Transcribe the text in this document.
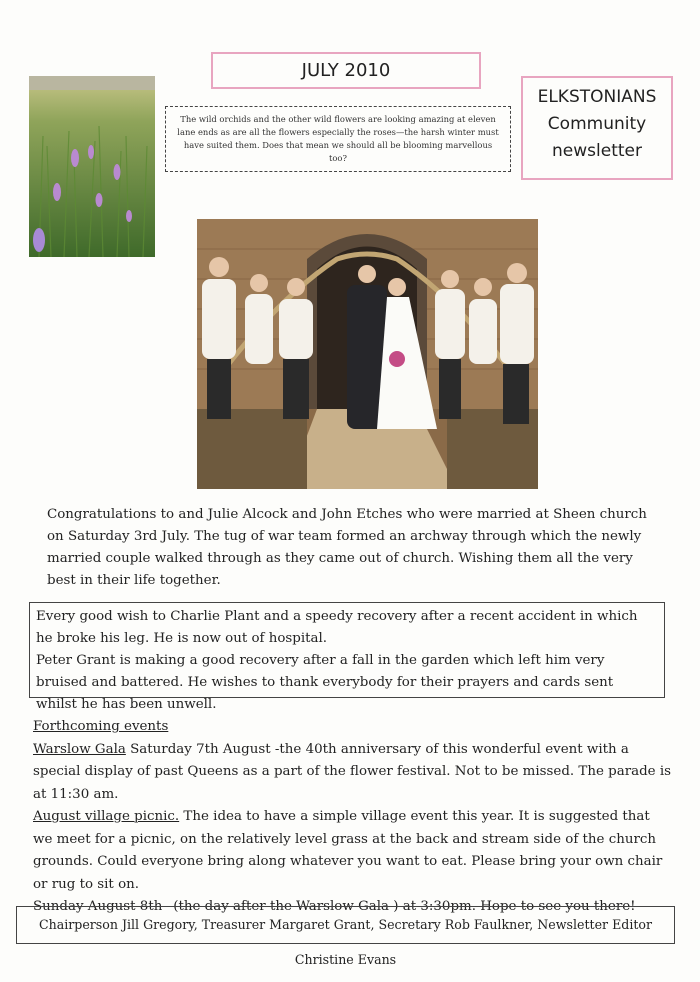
JULY 2010
The wild orchids and the other wild flowers are looking amazing at eleven lane ends as are all the flowers especially the roses—the harsh winter must have suited them. Does that mean we should all be blooming marvellous too?
ELKSTONIANS
Community
newsletter
Congratulations to and Julie Alcock and John Etches who were married at Sheen church on Saturday 3rd July. The tug of war team formed an archway through which the newly married couple walked through as they came out of church. Wishing them all the very best in their life together.
Every good wish to Charlie Plant and a speedy recovery after a recent accident in which he broke his leg. He is now out of hospital.
Peter Grant is making a good recovery after a fall in the garden which left him very bruised and battered. He wishes to thank everybody for their prayers and cards sent whilst he has been unwell.

Forthcoming events

Warslow Gala Saturday 7th August -the 40th anniversary of this wonderful event with a special display of past Queens as a part of the flower festival. Not to be missed. The parade is at 11:30 am.

August village picnic. The idea to have a simple village event this year. It is suggested that we meet for a picnic, on the relatively level grass at the back and stream side of the church grounds. Could everyone bring along whatever you want to eat. Please bring your own chair or rug to sit on.

Sunday August 8th –(the day after the Warslow Gala ) at 3:30pm. Hope to see you there!

Chairperson Jill Gregory, Treasurer Margaret Grant, Secretary Rob Faulkner, Newsletter Editor Christine Evans
